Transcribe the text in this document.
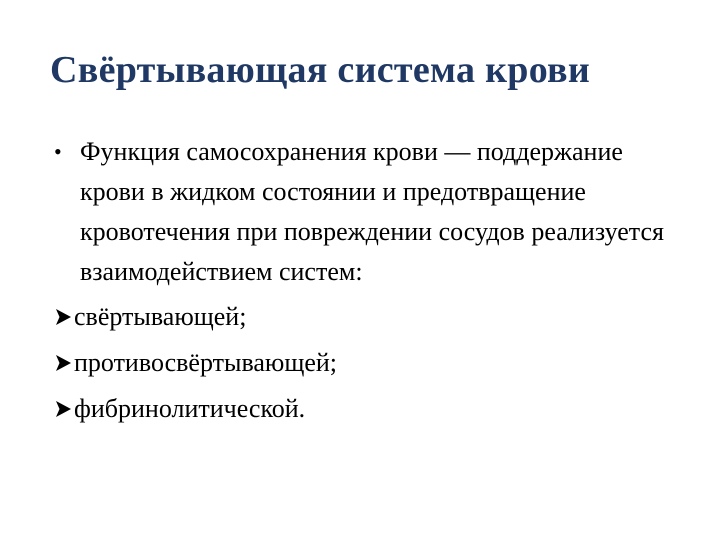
Свёртывающая система крови

• Функция самосохранения крови — поддержание крови в жидком состоянии и предотвращение кровотечения при повреждении сосудов реализуется взаимодействием систем:

свёртывающей;
противосвёртывающей;
фибринолитической.
